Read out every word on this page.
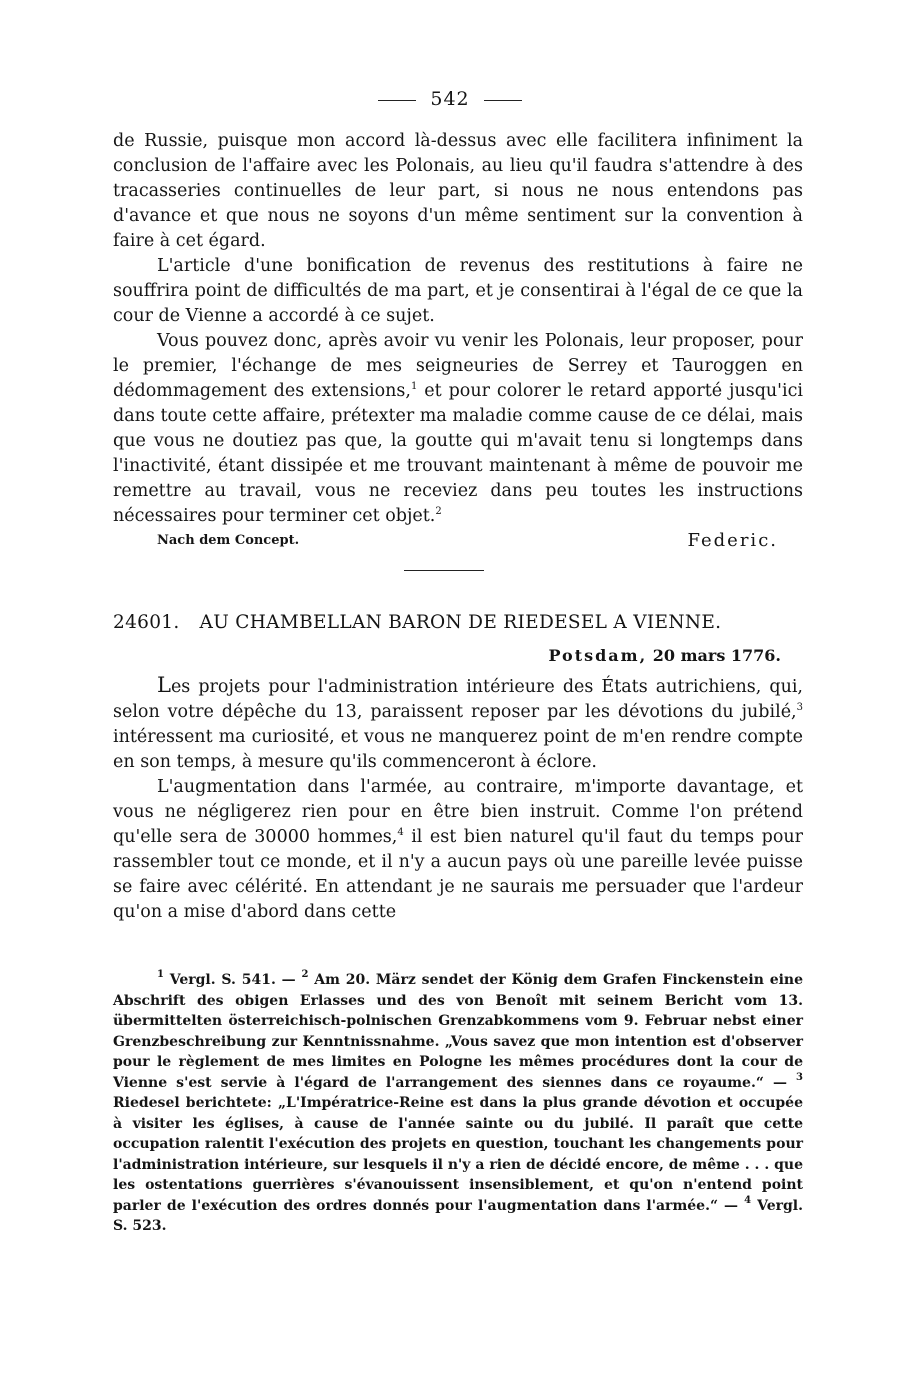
542

de Russie, puisque mon accord là-dessus avec elle facilitera infiniment la conclusion de l'affaire avec les Polonais, au lieu qu'il faudra s'attendre à des tracasseries continuelles de leur part, si nous ne nous entendons pas d'avance et que nous ne soyons d'un même sentiment sur la convention à faire à cet égard.

L'article d'une bonification de revenus des restitutions à faire ne souffrira point de difficultés de ma part, et je consentirai à l'égal de ce que la cour de Vienne a accordé à ce sujet.

Vous pouvez donc, après avoir vu venir les Polonais, leur proposer, pour le premier, l'échange de mes seigneuries de Serrey et Tauroggen en dédommagement des extensions,$^1$ et pour colorer le retard apporté jusqu'ici dans toute cette affaire, prétexter ma maladie comme cause de ce délai, mais que vous ne doutiez pas que, la goutte qui m'avait tenu si longtemps dans l'inactivité, étant dissipée et me trouvant maintenant à même de pouvoir me remettre au travail, vous ne receviez dans peu toutes les instructions nécessaires pour terminer cet objet.$^2$

Nach dem Concept.	Federic.
24601. AU CHAMBELLAN BARON DE RIEDESEL A VIENNE.
Potsdam, 20 mars 1776.

Les projets pour l'administration intérieure des États autrichiens, qui, selon votre dépêche du 13, paraissent reposer par les dévotions du jubilé,$^3$ intéressent ma curiosité, et vous ne manquerez point de m'en rendre compte en son temps, à mesure qu'ils commenceront à éclore.

L'augmentation dans l'armée, au contraire, m'importe davantage, et vous ne négligerez rien pour en être bien instruit. Comme l'on prétend qu'elle sera de 30000 hommes,$^4$ il est bien naturel qu'il faut du temps pour rassembler tout ce monde, et il n'y a aucun pays où une pareille levée puisse se faire avec célérité. En attendant je ne saurais me persuader que l'ardeur qu'on a mise d'abord dans cette

$^1$ Vergl. S. 541. — $^2$ Am 20. März sendet der König dem Grafen Finckenstein eine Abschrift des obigen Erlasses und des von Benoît mit seinem Bericht vom 13. übermittelten österreichisch-polnischen Grenzabkommens vom 9. Februar nebst einer Grenzbeschreibung zur Kenntnissnahme. „Vous savez que mon intention est d'observer pour le règlement de mes limites en Pologne les mêmes procédures dont la cour de Vienne s'est servie à l'égard de l'arrangement des siennes dans ce royaume.“ — $^3$ Riedesel berichtete: „L'Impératrice-Reine est dans la plus grande dévotion et occupée à visiter les églises, à cause de l'année sainte ou du jubilé. Il paraît que cette occupation ralentit l'exécution des projets en question, touchant les changements pour l'administration intérieure, sur lesquels il n'y a rien de décidé encore, de même . . . que les ostentations guerrières s'évanouissent insensiblement, et qu'on n'entend point parler de l'exécution des ordres donnés pour l'augmentation dans l'armée.“ — $^4$ Vergl. S. 523.
